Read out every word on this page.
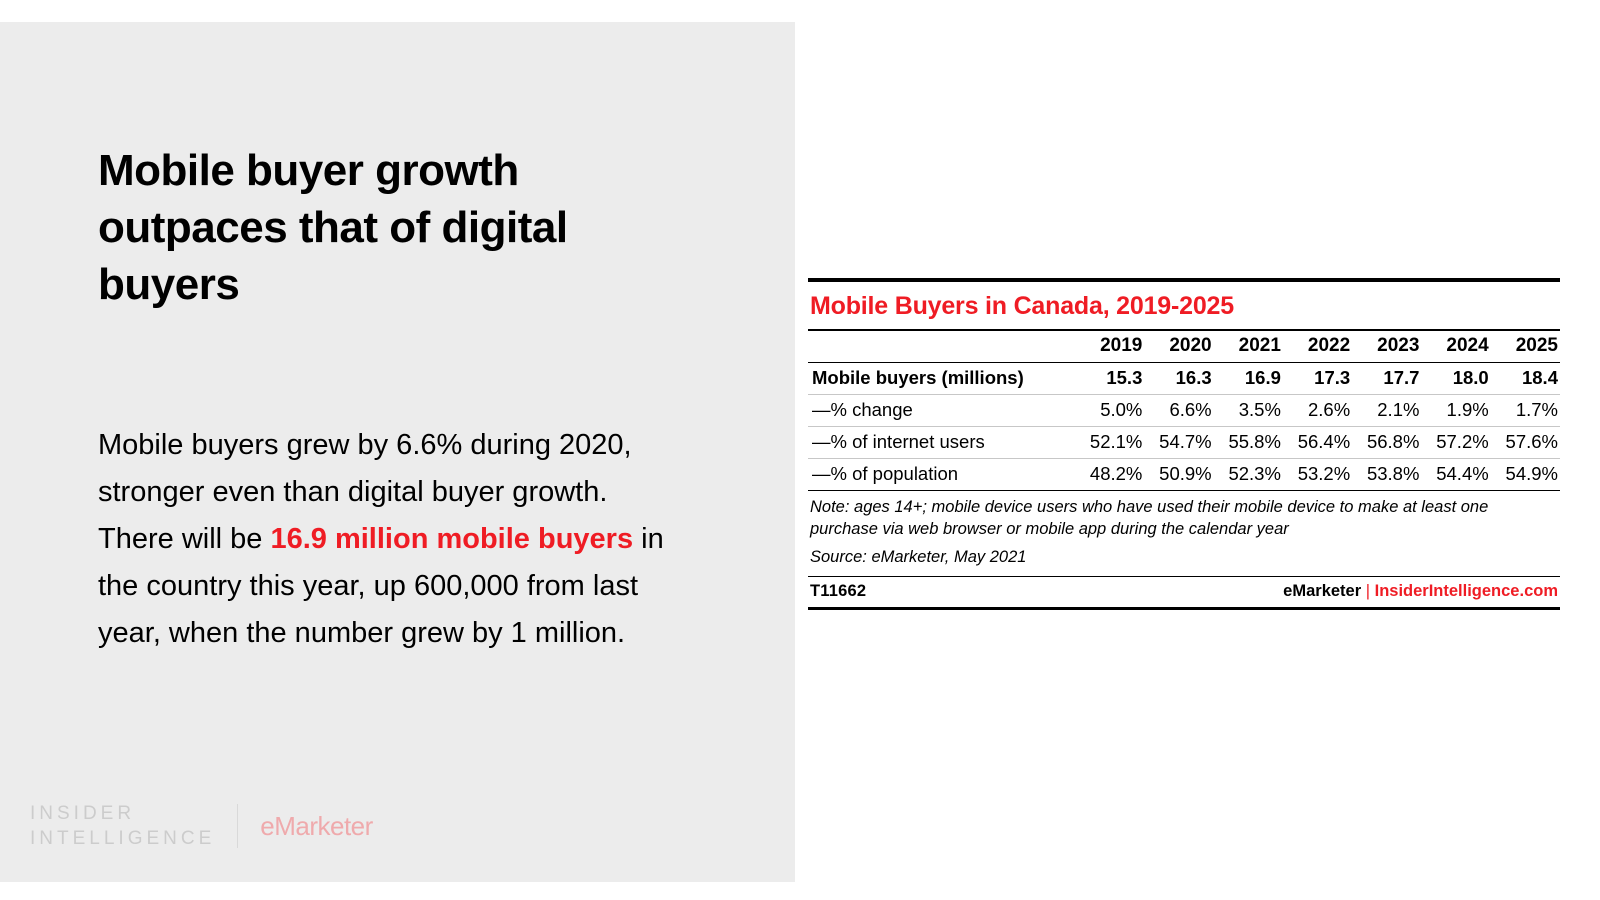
Mobile buyer growth outpaces that of digital buyers
Mobile buyers grew by 6.6% during 2020, stronger even than digital buyer growth. There will be 16.9 million mobile buyers in the country this year, up 600,000 from last year, when the number grew by 1 million.
INSIDER
INTELLIGENCE eMarketer
Mobile Buyers in Canada, 2019-2025
	2019	2020	2021	2022	2023	2024	2025
Mobile buyers (millions)	15.3	16.3	16.9	17.3	17.7	18.0	18.4
—% change	5.0%	6.6%	3.5%	2.6%	2.1%	1.9%	1.7%
—% of internet users	52.1%	54.7%	55.8%	56.4%	56.8%	57.2%	57.6%
—% of population	48.2%	50.9%	52.3%	53.2%	53.8%	54.4%	54.9%
Note: ages 14+; mobile device users who have used their mobile device to make at least one purchase via web browser or mobile app during the calendar year
Source: eMarketer, May 2021
T11662	eMarketer | InsiderIntelligence.com
